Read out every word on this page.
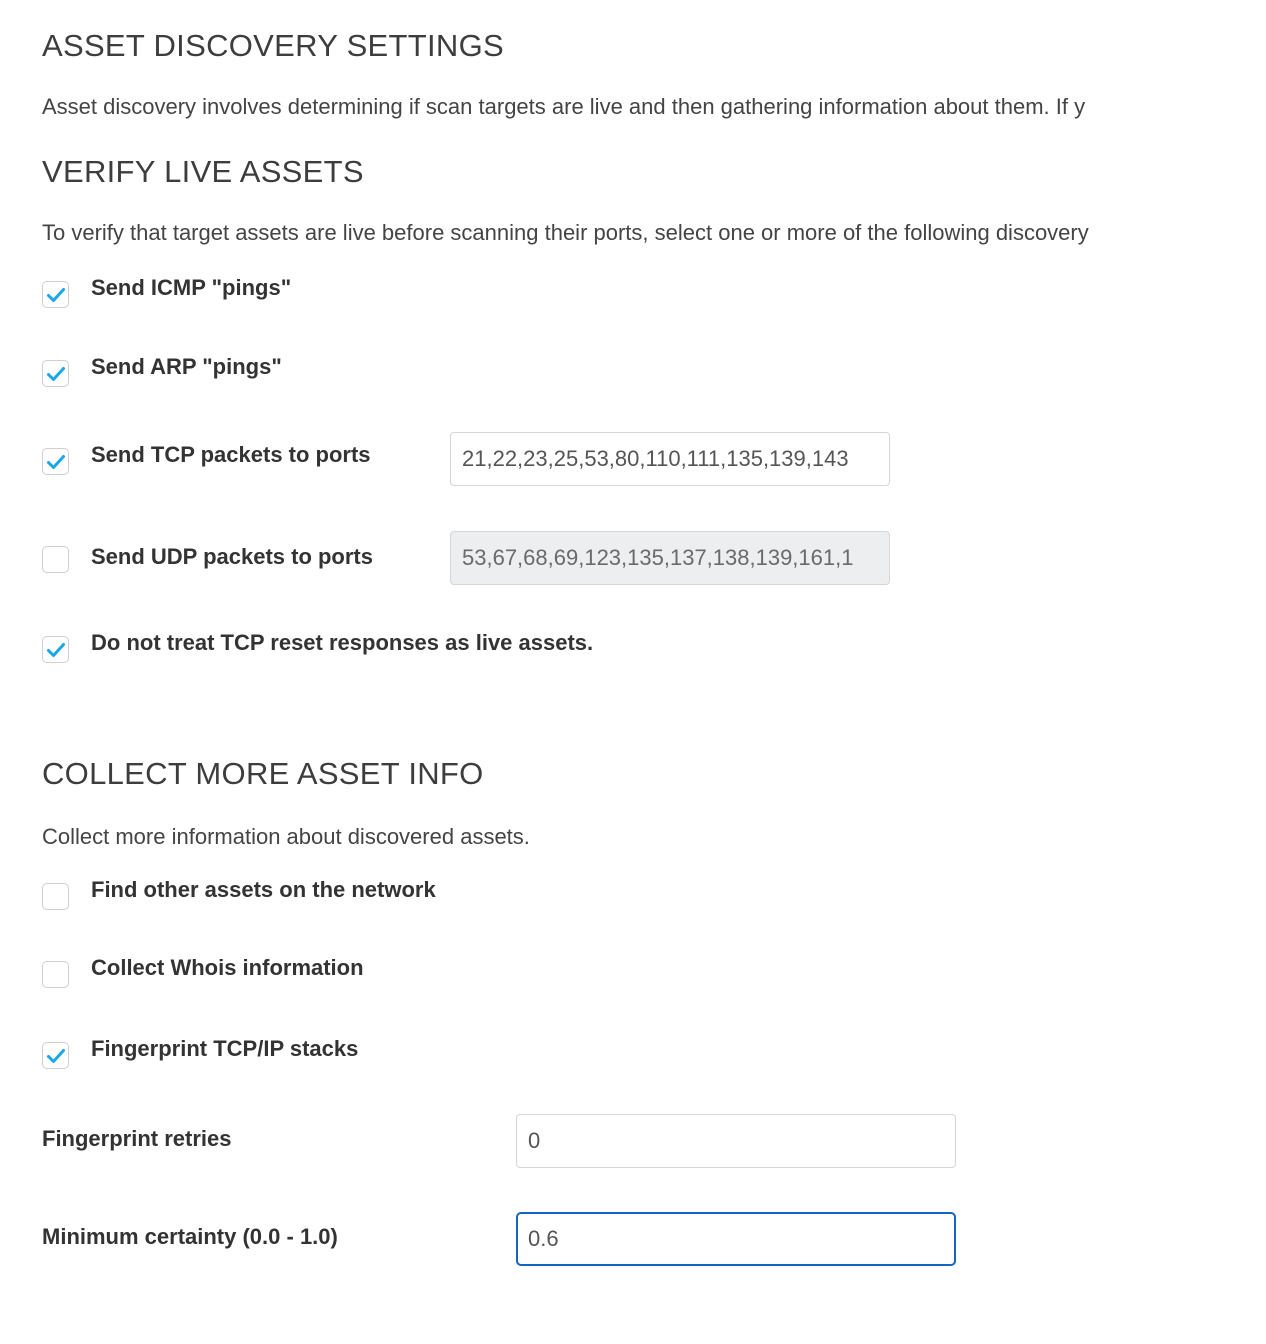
ASSET DISCOVERY SETTINGS
Asset discovery involves determining if scan targets are live and then gathering information about them. If y
VERIFY LIVE ASSETS
To verify that target assets are live before scanning their ports, select one or more of the following discovery
Send ICMP "pings"
Send ARP "pings"
Send TCP packets to ports	21,22,23,25,53,80,110,111,135,139,143
Send UDP packets to ports	53,67,68,69,123,135,137,138,139,161,1
Do not treat TCP reset responses as live assets.
COLLECT MORE ASSET INFO
Collect more information about discovered assets.
Find other assets on the network
Collect Whois information
Fingerprint TCP/IP stacks
Fingerprint retries	0
Minimum certainty (0.0 - 1.0)	0.6
